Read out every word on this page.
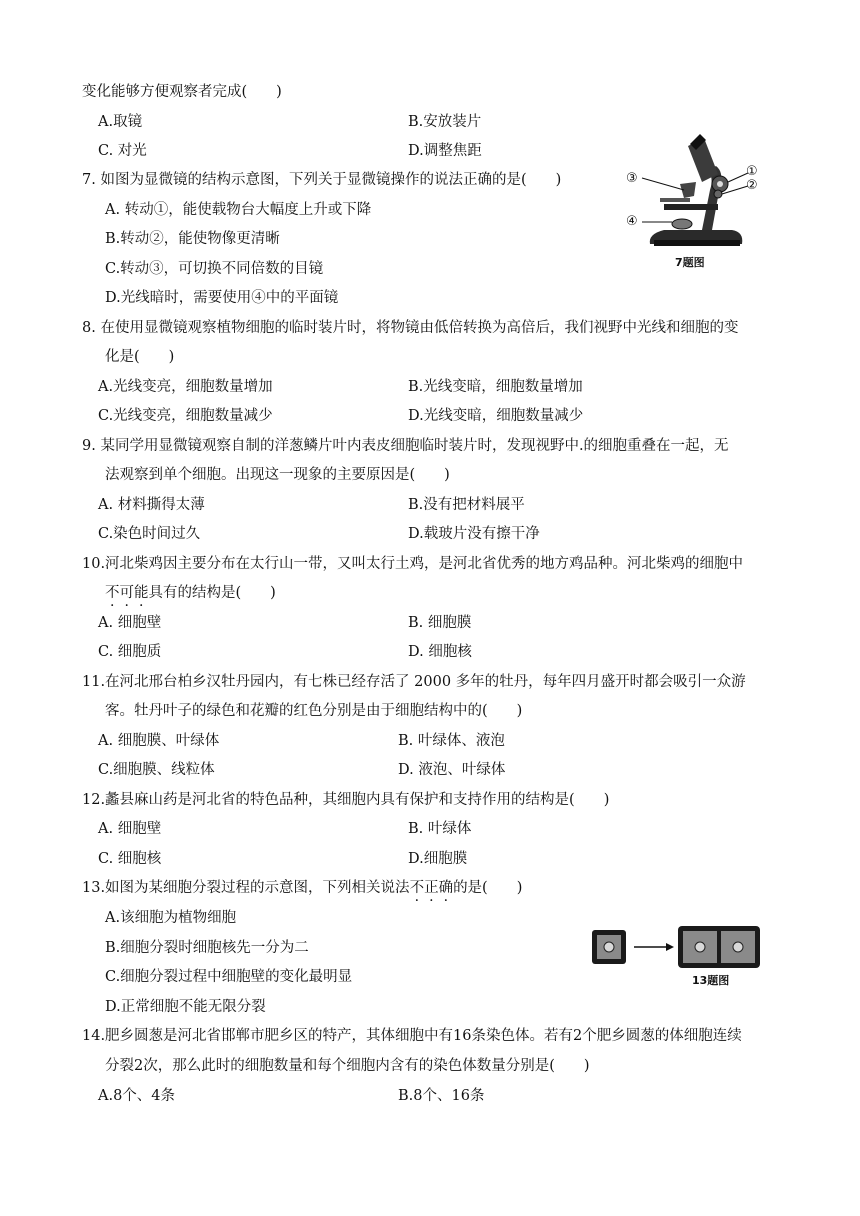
变化能够方便观察者完成(　　)
A.取镜	B.安放装片
C. 对光	D.调整焦距
7. 如图为显微镜的结构示意图，下列关于显微镜操作的说法正确的是(　　)
A. 转动①，能使载物台大幅度上升或下降
B.转动②，能使物像更清晰
C.转动③，可切换不同倍数的目镜
D.光线暗时，需要使用④中的平面镜
①
②
③
④
7题图
8. 在使用显微镜观察植物细胞的临时装片时，将物镜由低倍转换为高倍后，我们视野中光线和细胞的变
化是(　　)
A.光线变亮，细胞数量增加	B.光线变暗，细胞数量增加
C.光线变亮，细胞数量减少	D.光线变暗，细胞数量减少
9. 某同学用显微镜观察自制的洋葱鳞片叶内表皮细胞临时装片时，发现视野中.的细胞重叠在一起，无
法观察到单个细胞。出现这一现象的主要原因是(　　)
A. 材料撕得太薄	B.没有把材料展平
C.染色时间过久	D.载玻片没有擦干净
10.河北柴鸡因主要分布在太行山一带，又叫太行土鸡，是河北省优秀的地方鸡品种。河北柴鸡的细胞中
不可能具有的结构是(　　)
A. 细胞壁	B. 细胞膜
C. 细胞质	D. 细胞核
11.在河北邢台柏乡汉牡丹园内，有七株已经存活了 2000 多年的牡丹，每年四月盛开时都会吸引一众游
客。牡丹叶子的绿色和花瓣的红色分别是由于细胞结构中的(　　)
A. 细胞膜、叶绿体	B. 叶绿体、液泡
C.细胞膜、线粒体	D. 液泡、叶绿体
12.蠡县麻山药是河北省的特色品种，其细胞内具有保护和支持作用的结构是(　　)
A. 细胞壁	B. 叶绿体
C. 细胞核	D.细胞膜
13.如图为某细胞分裂过程的示意图，下列相关说法不正确的是(　　)
A.该细胞为植物细胞
B.细胞分裂时细胞核先一分为二
C.细胞分裂过程中细胞壁的变化最明显
D.正常细胞不能无限分裂
13题图
14.肥乡圆葱是河北省邯郸市肥乡区的特产，其体细胞中有16条染色体。若有2个肥乡圆葱的体细胞连续
分裂2次，那么此时的细胞数量和每个细胞内含有的染色体数量分别是(　　)
A.8个、4条	B.8个、16条
